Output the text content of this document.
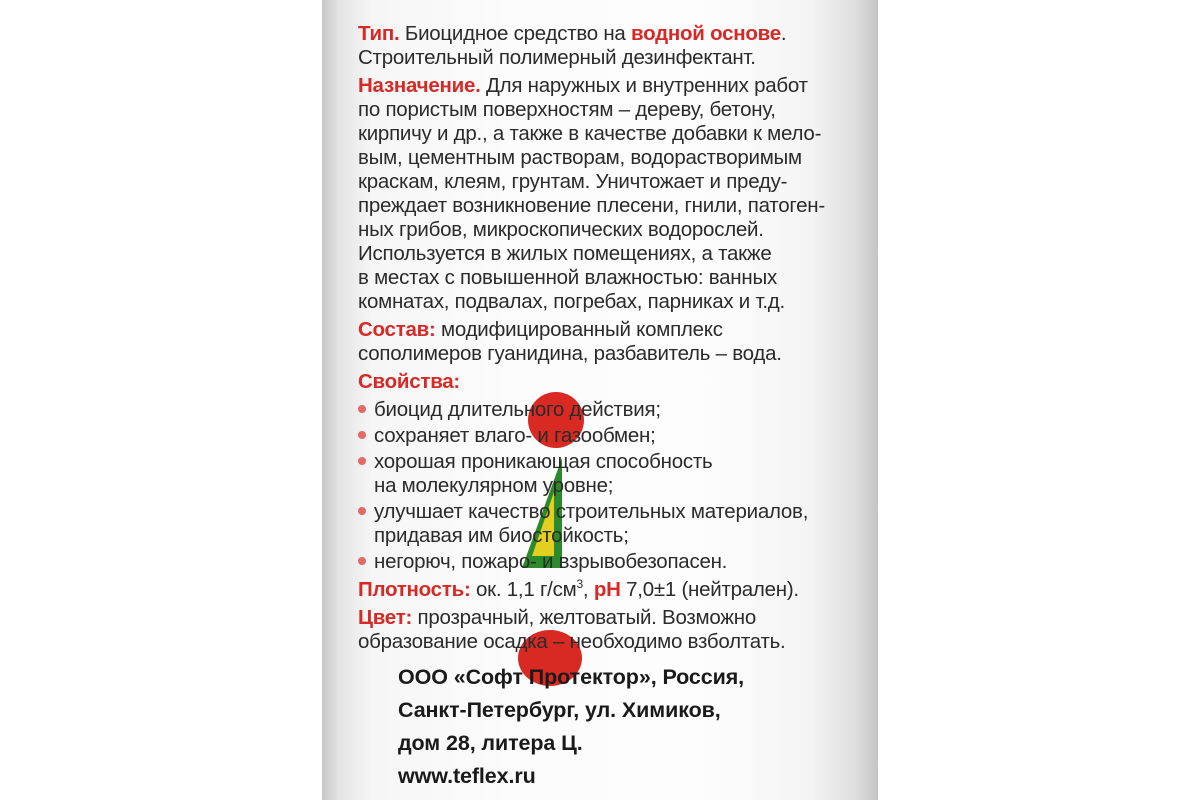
Тип. Биоцидное средство на водной основе.
Строительный полимерный дезинфектант.
Назначение. Для наружных и внутренних работ
по пористым поверхностям – дереву, бетону,
кирпичу и др., а также в качестве добавки к мело-
вым, цементным растворам, водорастворимым
краскам, клеям, грунтам. Уничтожает и преду-
преждает возникновение плесени, гнили, патоген-
ных грибов, микроскопических водорослей.
Используется в жилых помещениях, а также
в местах с повышенной влажностью: ванных
комнатах, подвалах, погребах, парниках и т.д.
Состав: модифицированный комплекс
сополимеров гуанидина, разбавитель – вода.
Свойства:
биоцид длительного действия;
сохраняет влаго- и газообмен;
хорошая проникающая способность
на молекулярном уровне;
улучшает качество строительных материалов,
придавая им биостойкость;
негорюч, пожаро- и взрывобезопасен.
Плотность: ок. 1,1 $г/см^3$, pH 7,0±1 (нейтрален).
Цвет: прозрачный, желтоватый. Возможно
образование осадка – необходимо взболтать.
ООО «Софт Протектор», Россия,
Санкт-Петербург, ул. Химиков,
дом 28, литера Ц.
www.teflex.ru
